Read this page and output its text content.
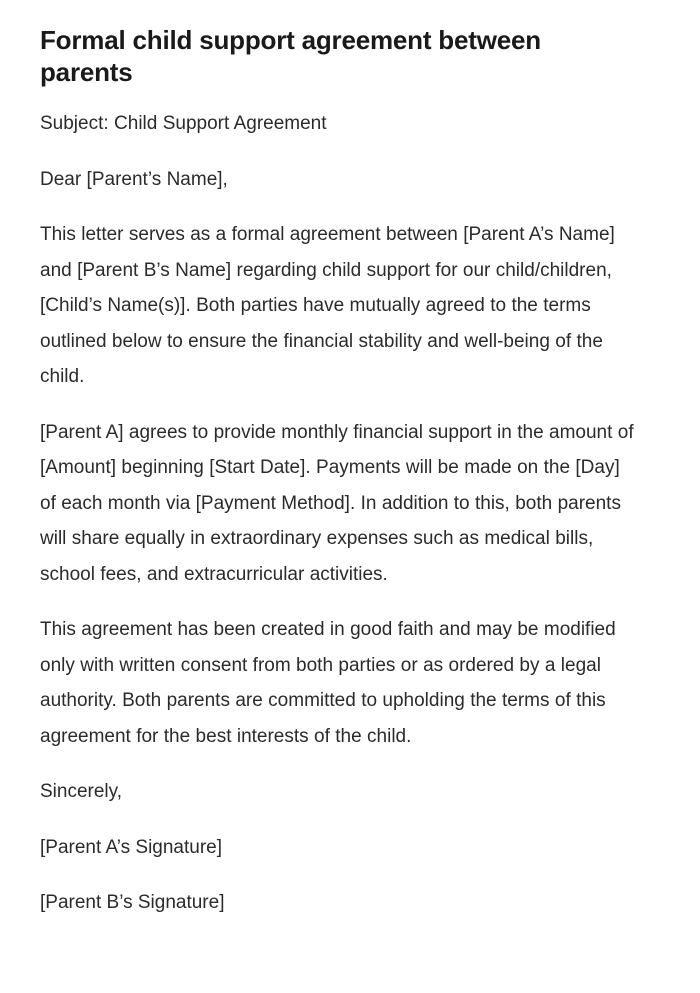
Formal child support agreement between parents

Subject: Child Support Agreement

Dear [Parent’s Name],

This letter serves as a formal agreement between [Parent A’s Name] and [Parent B’s Name] regarding child support for our child/children, [Child’s Name(s)]. Both parties have mutually agreed to the terms outlined below to ensure the financial stability and well-being of the child.

[Parent A] agrees to provide monthly financial support in the amount of [Amount] beginning [Start Date]. Payments will be made on the [Day] of each month via [Payment Method]. In addition to this, both parents will share equally in extraordinary expenses such as medical bills, school fees, and extracurricular activities.

This agreement has been created in good faith and may be modified only with written consent from both parties or as ordered by a legal authority. Both parents are committed to upholding the terms of this agreement for the best interests of the child.

Sincerely,

[Parent A’s Signature]

[Parent B’s Signature]
